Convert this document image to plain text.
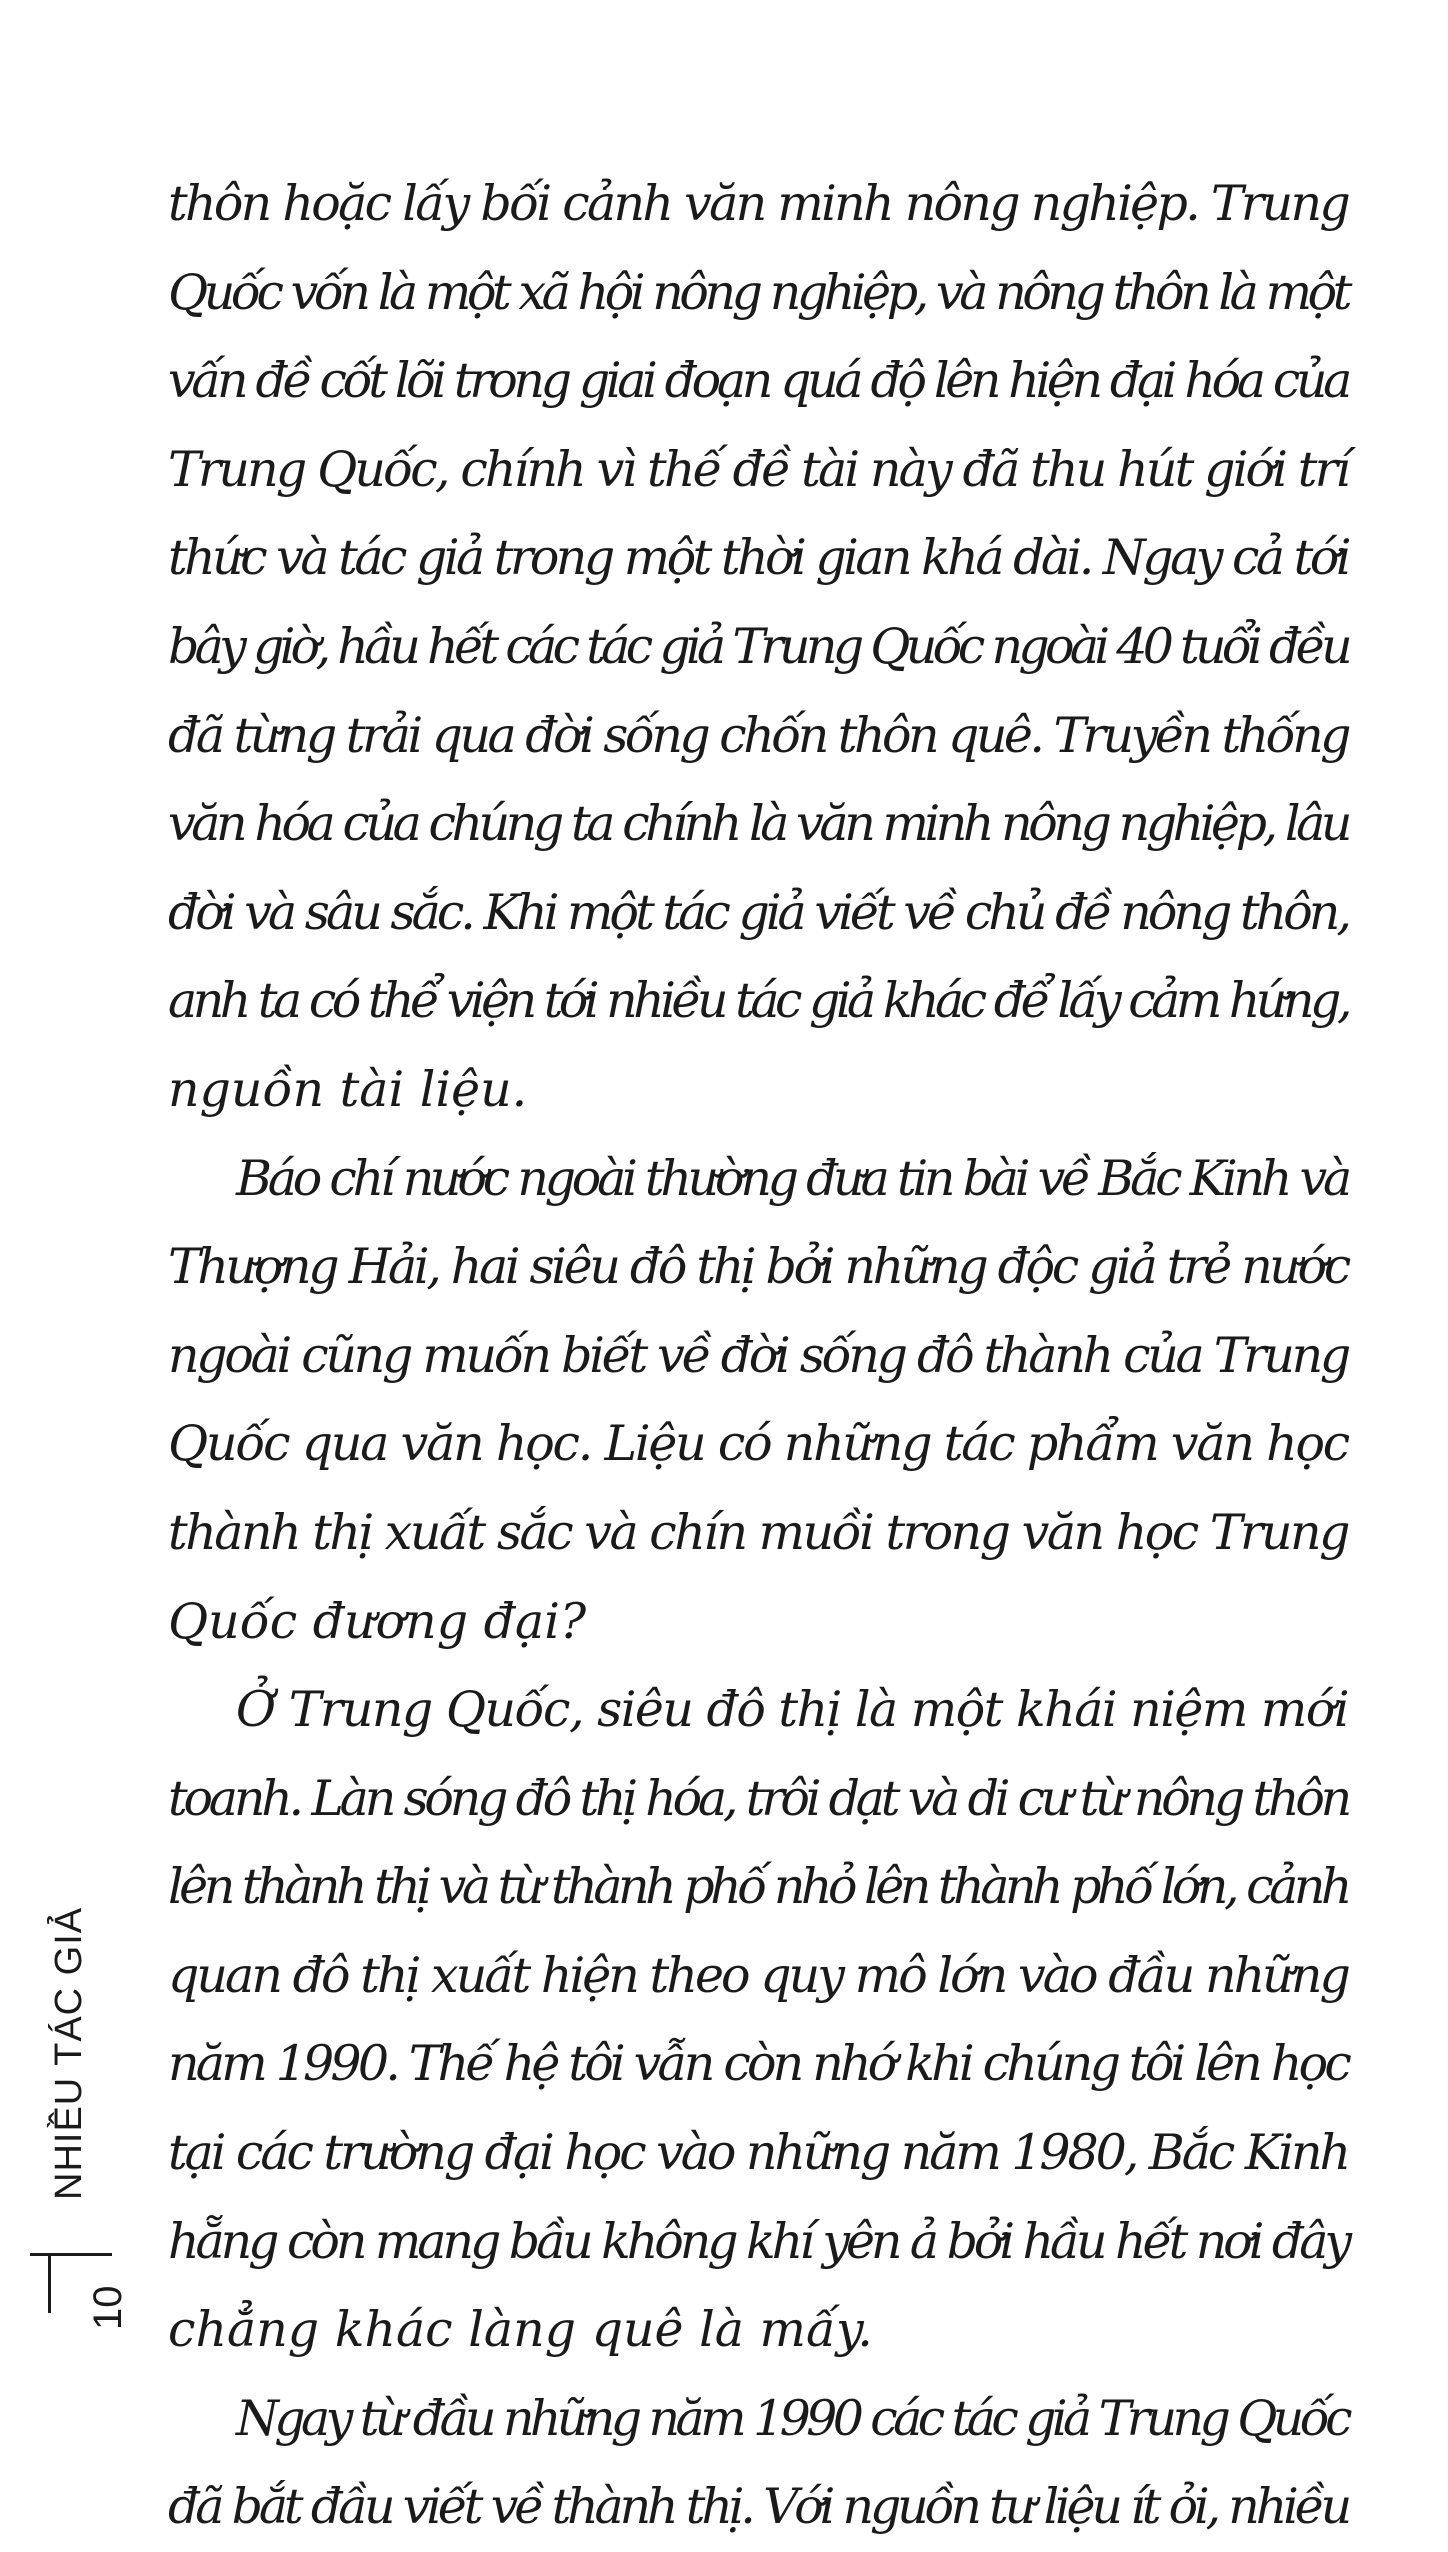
thôn hoặc lấy bối cảnh văn minh nông nghiệp. Trung
Quốc vốn là một xã hội nông nghiệp, và nông thôn là một
vấn đề cốt lõi trong giai đoạn quá độ lên hiện đại hóa của
Trung Quốc, chính vì thế đề tài này đã thu hút giới trí
thức và tác giả trong một thời gian khá dài. Ngay cả tới
bây giờ, hầu hết các tác giả Trung Quốc ngoài 40 tuổi đều
đã từng trải qua đời sống chốn thôn quê. Truyền thống
văn hóa của chúng ta chính là văn minh nông nghiệp, lâu
đời và sâu sắc. Khi một tác giả viết về chủ đề nông thôn,
anh ta có thể viện tới nhiều tác giả khác để lấy cảm hứng,
nguồn tài liệu.
Báo chí nước ngoài thường đưa tin bài về Bắc Kinh và
Thượng Hải, hai siêu đô thị bởi những độc giả trẻ nước
ngoài cũng muốn biết về đời sống đô thành của Trung
Quốc qua văn học. Liệu có những tác phẩm văn học
thành thị xuất sắc và chín muồi trong văn học Trung
Quốc đương đại?
Ở Trung Quốc, siêu đô thị là một khái niệm mới
toanh. Làn sóng đô thị hóa, trôi dạt và di cư từ nông thôn
lên thành thị và từ thành phố nhỏ lên thành phố lớn, cảnh
quan đô thị xuất hiện theo quy mô lớn vào đầu những
năm 1990. Thế hệ tôi vẫn còn nhớ khi chúng tôi lên học
tại các trường đại học vào những năm 1980, Bắc Kinh
hẵng còn mang bầu không khí yên ả bởi hầu hết nơi đây
chẳng khác làng quê là mấy.
Ngay từ đầu những năm 1990 các tác giả Trung Quốc
đã bắt đầu viết về thành thị. Với nguồn tư liệu ít ỏi, nhiều
NHIỀU TÁC GIẢ
10
